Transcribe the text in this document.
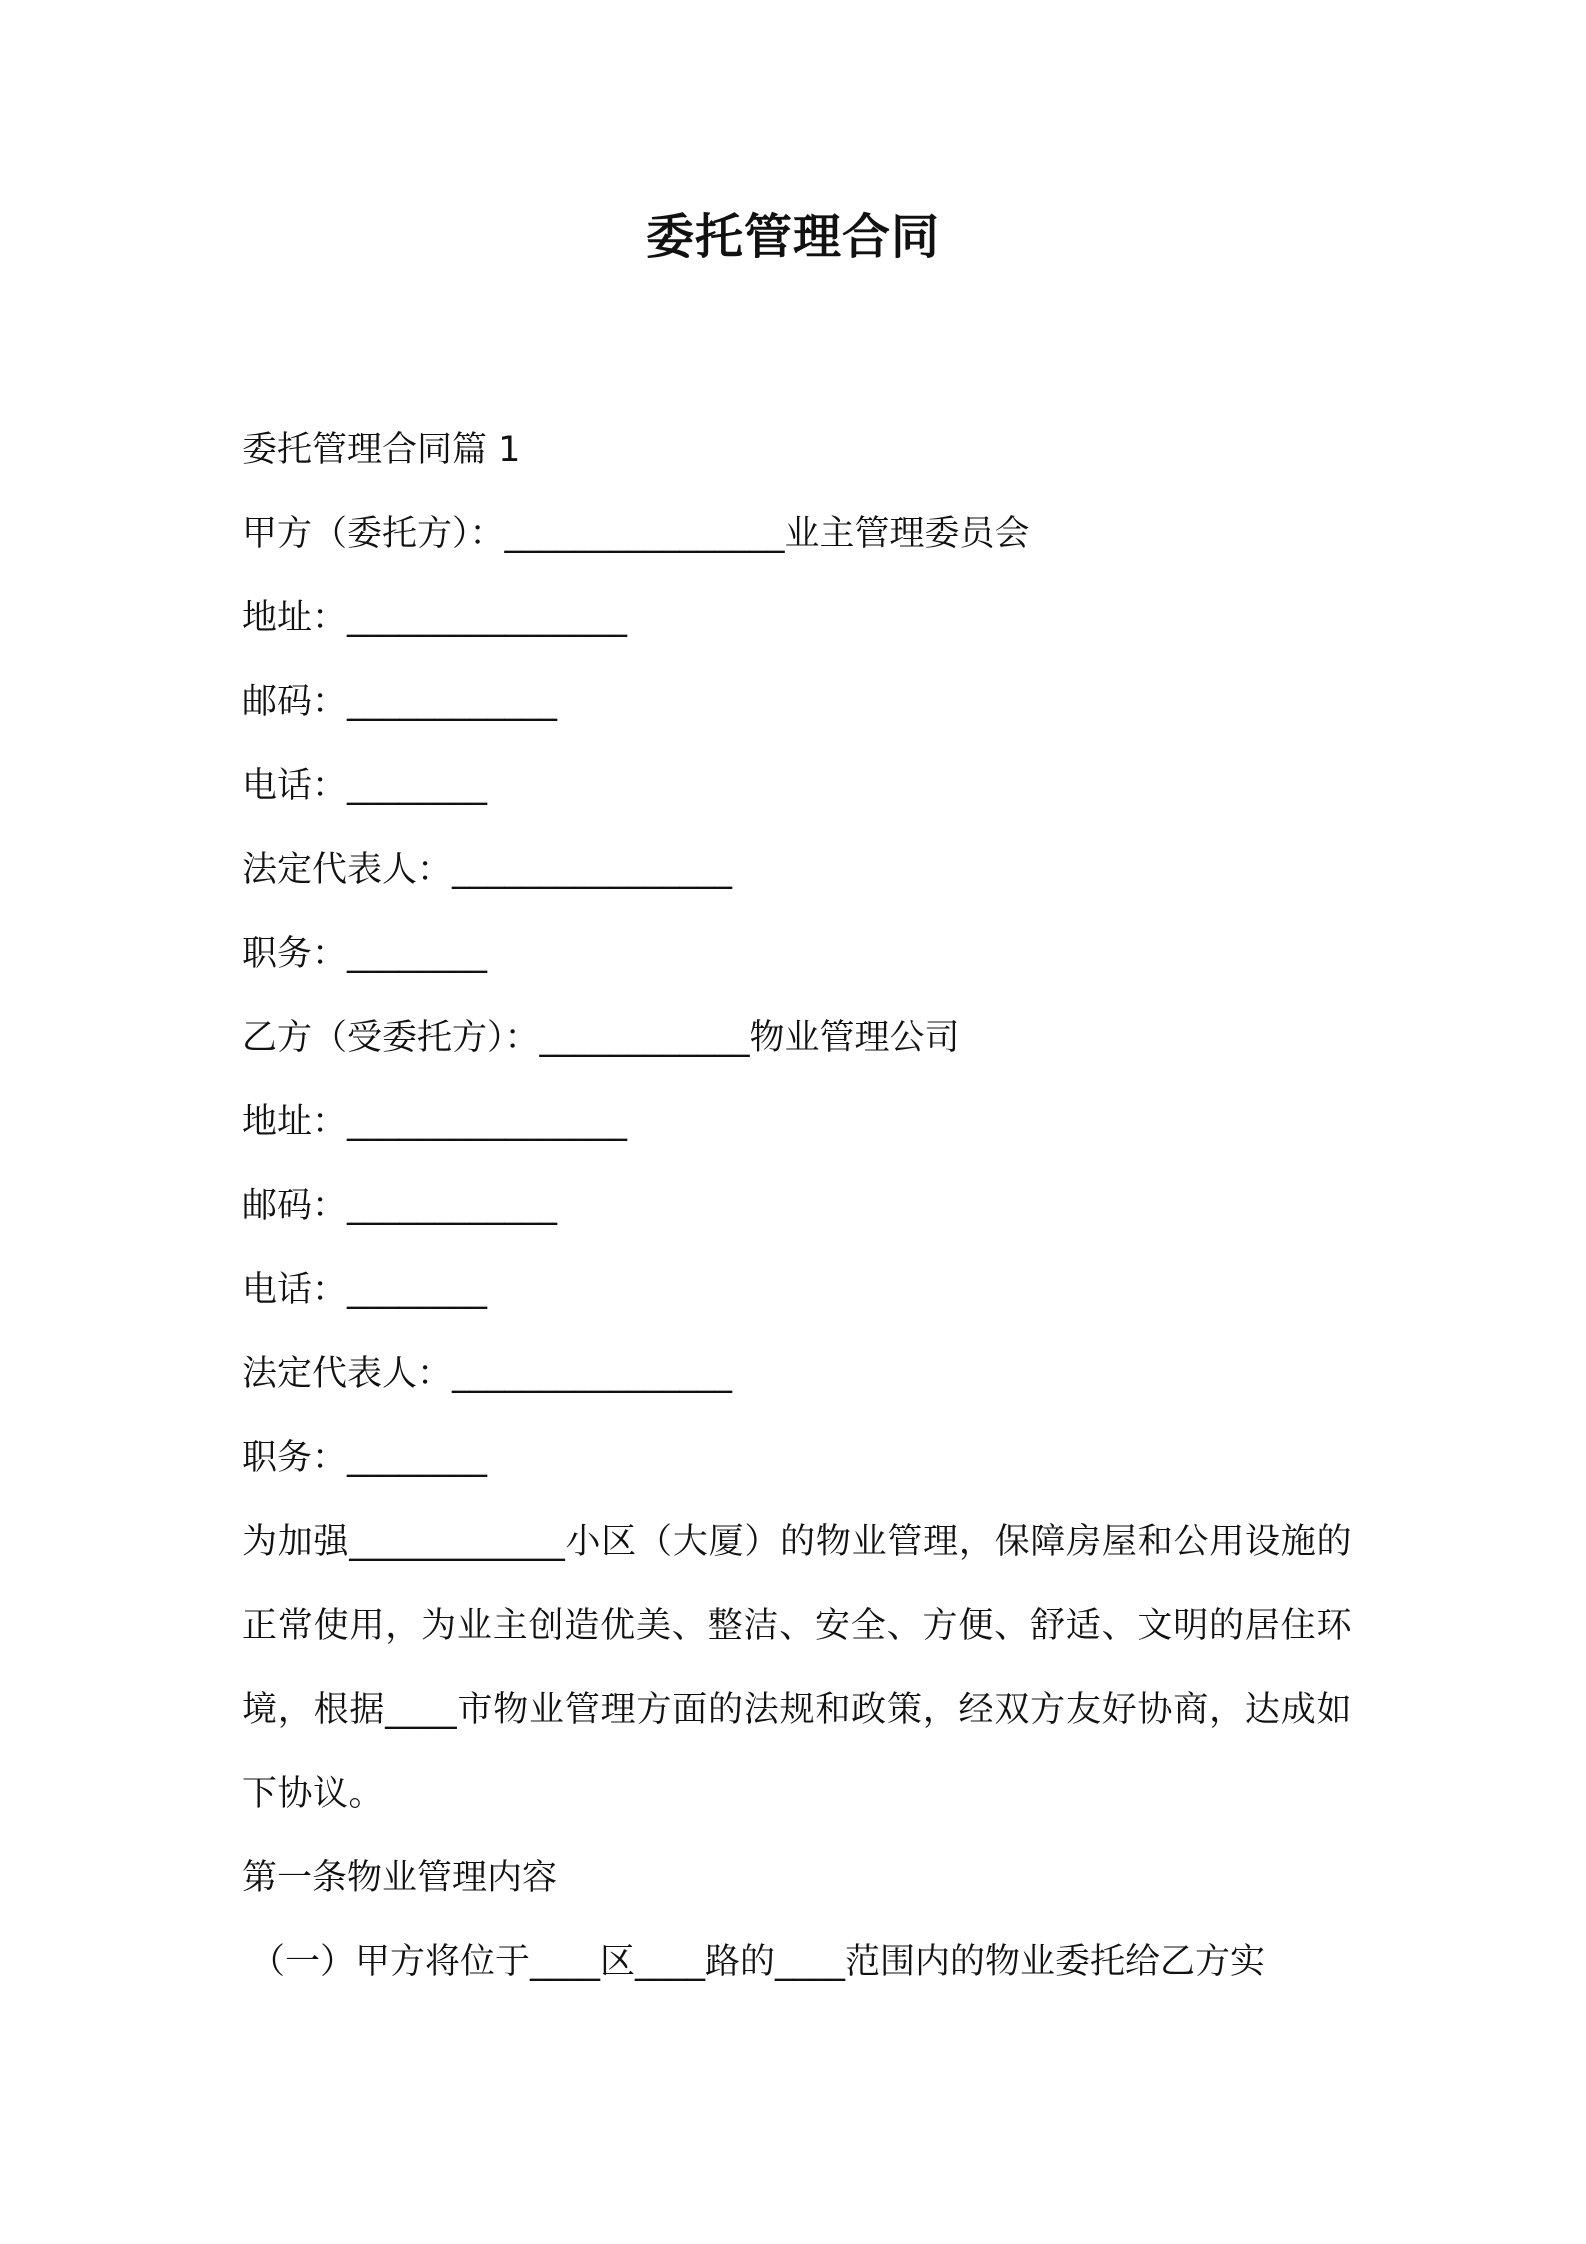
委托管理合同

委托管理合同篇 1

甲方（委托方）：________________业主管理委员会

地址：________________

邮码：____________

电话：________

法定代表人：________________

职务：________

乙方（受委托方）：____________物业管理公司

地址：________________

邮码：____________

电话：________

法定代表人：________________

职务：________

为加强____________小区（大厦）的物业管理，保障房屋和公用设施的正常使用，为业主创造优美、整洁、安全、方便、舒适、文明的居住环境，根据____市物业管理方面的法规和政策，经双方友好协商，达成如下协议。

第一条物业管理内容

（一）甲方将位于____区____路的____范围内的物业委托给乙方实
